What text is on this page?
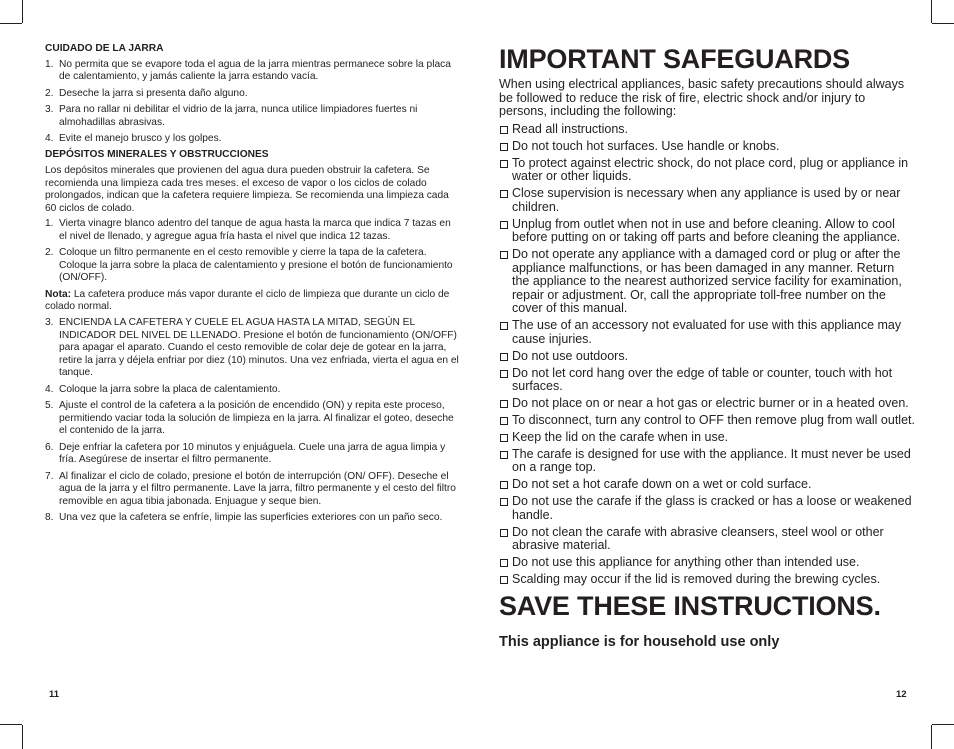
CUIDADO DE LA JARRA
1. No permita que se evapore toda el agua de la jarra mientras permanece sobre la placa de calentamiento, y jamás caliente la jarra estando vacía.
2. Deseche la jarra si presenta daño alguno.
3. Para no rallar ni debilitar el vidrio de la jarra, nunca utilice limpiadores fuertes ni almohadillas abrasivas.
4. Evite el manejo brusco y los golpes.
DEPÓSITOS MINERALES Y OBSTRUCCIONES

Los depósitos minerales que provienen del agua dura pueden obstruir la cafetera. Se recomienda una limpieza cada tres meses. el exceso de vapor o los ciclos de colado prolongados, indican que la cafetera requiere limpieza. Se recomienda una limpieza cada 60 ciclos de colado.

1. Vierta vinagre blanco adentro del tanque de agua hasta la marca que indica 7 tazas en el nivel de llenado, y agregue agua fría hasta el nivel que indica 12 tazas.
2. Coloque un filtro permanente en el cesto removible y cierre la tapa de la cafetera. Coloque la jarra sobre la placa de calentamiento y presione el botón de funcionamiento (ON/OFF).

Nota: La cafetera produce más vapor durante el ciclo de limpieza que durante un ciclo de colado normal.

3. ENCIENDA LA CAFETERA Y CUELE EL AGUA HASTA LA MITAD, SEGÚN EL INDICADOR DEL NIVEL DE LLENADO. Presione el botón de funcionamiento (ON/OFF) para apagar el aparato. Cuando el cesto removible de colar deje de gotear en la jarra, retire la jarra y déjela enfriar por diez (10) minutos. Una vez enfriada, vierta el agua en el tanque.
4. Coloque la jarra sobre la placa de calentamiento.
5. Ajuste el control de la cafetera a la posición de encendido (ON) y repita este proceso, permitiendo vaciar toda la solución de limpieza en la jarra. Al finalizar el goteo, deseche el contenido de la jarra.
6. Deje enfriar la cafetera por 10 minutos y enjuáguela. Cuele una jarra de agua limpia y fría. Asegúrese de insertar el filtro permanente.
7. Al finalizar el ciclo de colado, presione el botón de interrupción (ON/ OFF). Deseche el agua de la jarra y el filtro permanente. Lave la jarra, filtro permanente y el cesto del filtro removible en agua tibia jabonada. Enjuague y seque bien.
8. Una vez que la cafetera se enfríe, limpie las superficies exteriores con un paño seco.
11
IMPORTANT SAFEGUARDS

When using electrical appliances, basic safety precautions should always be followed to reduce the risk of fire, electric shock and/or injury to persons, including the following:

Read all instructions.
Do not touch hot surfaces. Use handle or knobs.
To protect against electric shock, do not place cord, plug or appliance in water or other liquids.
Close supervision is necessary when any appliance is used by or near children.
Unplug from outlet when not in use and before cleaning. Allow to cool before putting on or taking off parts and before cleaning the appliance.
Do not operate any appliance with a damaged cord or plug or after the appliance malfunctions, or has been damaged in any manner. Return the appliance to the nearest authorized service facility for examination, repair or adjustment. Or, call the appropriate toll-free number on the cover of this manual.
The use of an accessory not evaluated for use with this appliance may cause injuries.
Do not use outdoors.
Do not let cord hang over the edge of table or counter, touch with hot surfaces.
Do not place on or near a hot gas or electric burner or in a heated oven.
To disconnect, turn any control to OFF then remove plug from wall outlet.
Keep the lid on the carafe when in use.
The carafe is designed for use with the appliance. It must never be used on a range top.
Do not set a hot carafe down on a wet or cold surface.
Do not use the carafe if the glass is cracked or has a loose or weakened handle.
Do not clean the carafe with abrasive cleansers, steel wool or other abrasive material.
Do not use this appliance for anything other than intended use.
Scalding may occur if the lid is removed during the brewing cycles.
SAVE THESE INSTRUCTIONS.
This appliance is for household use only
12
